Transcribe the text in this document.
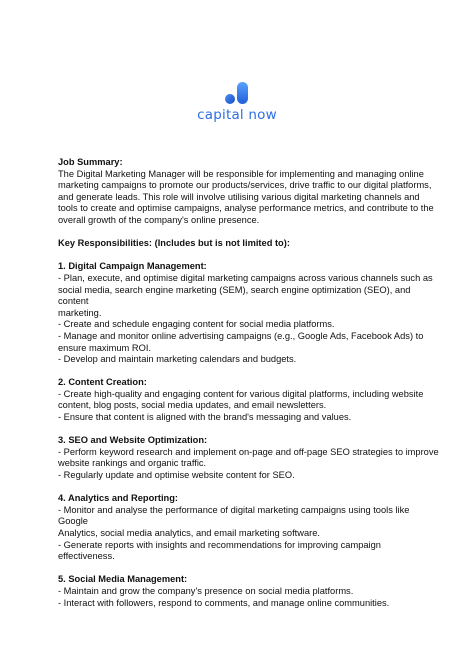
capital now
Job Summary:
The Digital Marketing Manager will be responsible for implementing and managing online
marketing campaigns to promote our products/services, drive traffic to our digital platforms,
and generate leads. This role will involve utilising various digital marketing channels and
tools to create and optimise campaigns, analyse performance metrics, and contribute to the
overall growth of the company's online presence.
Key Responsibilities: (Includes but is not limited to):
1. Digital Campaign Management:
- Plan, execute, and optimise digital marketing campaigns across various channels such as
social media, search engine marketing (SEM), search engine optimization (SEO), and
content
marketing.
- Create and schedule engaging content for social media platforms.
- Manage and monitor online advertising campaigns (e.g., Google Ads, Facebook Ads) to
ensure maximum ROI.
- Develop and maintain marketing calendars and budgets.
2. Content Creation:
- Create high-quality and engaging content for various digital platforms, including website
content, blog posts, social media updates, and email newsletters.
- Ensure that content is aligned with the brand's messaging and values.
3. SEO and Website Optimization:
- Perform keyword research and implement on-page and off-page SEO strategies to improve
website rankings and organic traffic.
- Regularly update and optimise website content for SEO.
4. Analytics and Reporting:
- Monitor and analyse the performance of digital marketing campaigns using tools like
Google
Analytics, social media analytics, and email marketing software.
- Generate reports with insights and recommendations for improving campaign
effectiveness.
5. Social Media Management:
- Maintain and grow the company's presence on social media platforms.
- Interact with followers, respond to comments, and manage online communities.
